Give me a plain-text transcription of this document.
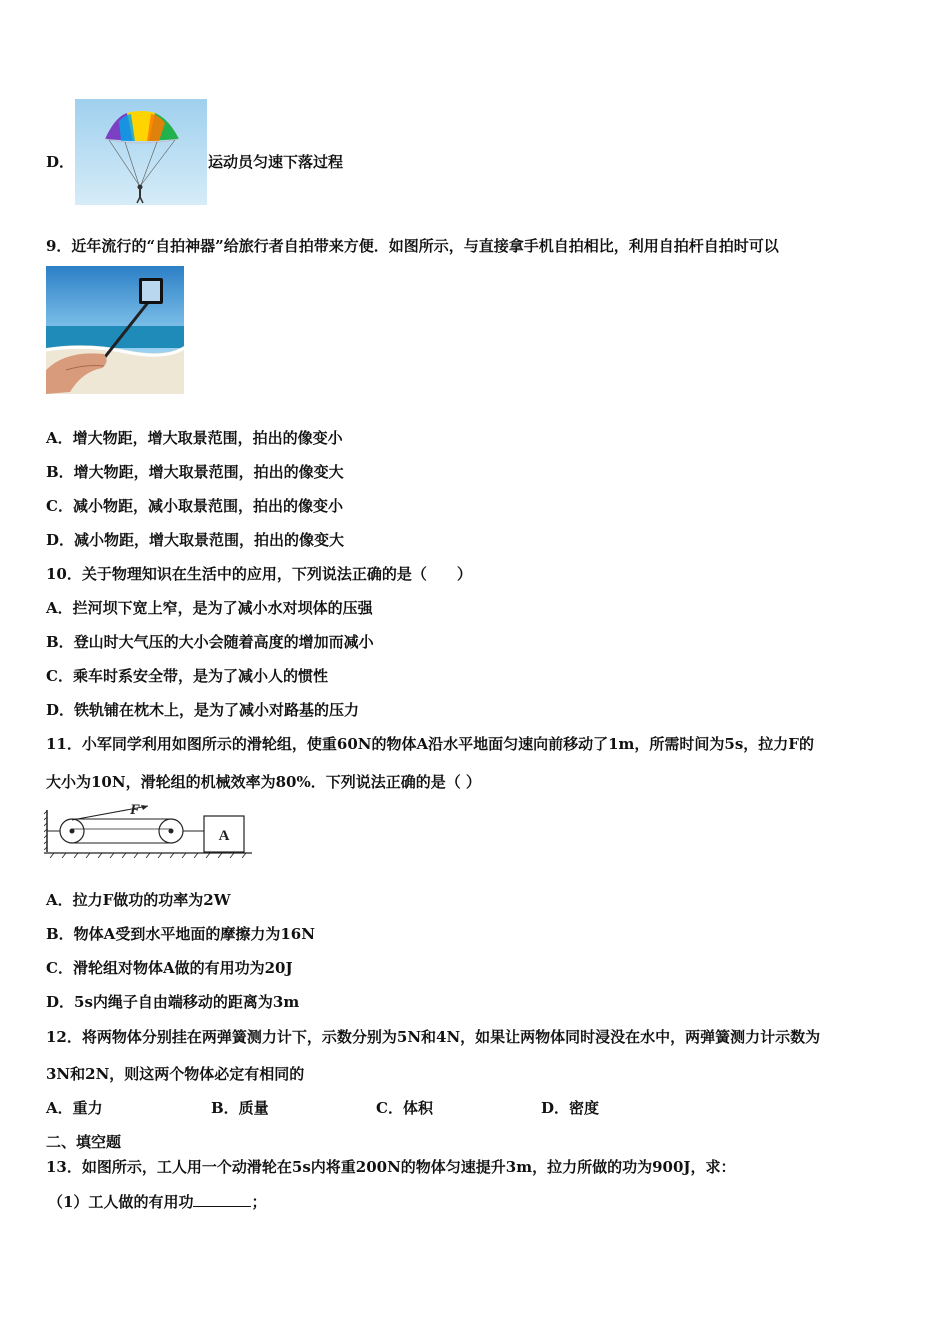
D．	运动员匀速下落过程
9．近年流行的“自拍神器”给旅行者自拍带来方便．如图所示，与直接拿手机自拍相比，利用自拍杆自拍时可以
A．增大物距，增大取景范围，拍出的像变小
B．增大物距，增大取景范围，拍出的像变大
C．减小物距，减小取景范围，拍出的像变小
D．减小物距，增大取景范围，拍出的像变大
10．关于物理知识在生活中的应用，下列说法正确的是（　　）
A．拦河坝下宽上窄，是为了减小水对坝体的压强
B．登山时大气压的大小会随着高度的增加而减小
C．乘车时系安全带，是为了减小人的惯性
D．铁轨铺在枕木上，是为了减小对路基的压力
11．小军同学利用如图所示的滑轮组，使重60N的物体A沿水平地面匀速向前移动了1m，所需时间为5s，拉力F的
大小为10N，滑轮组的机械效率为80%．下列说法正确的是（ ）
F
A
A．拉力F做功的功率为2W
B．物体A受到水平地面的摩擦力为16N
C．滑轮组对物体A做的有用功为20J
D．5s内绳子自由端移动的距离为3m
12．将两物体分别挂在两弹簧测力计下，示数分别为5N和4N，如果让两物体同时浸没在水中，两弹簧测力计示数为
3N和2N，则这两个物体必定有相同的
A．重力	B．质量	C．体积	D．密度
二、填空题
13．如图所示，工人用一个动滑轮在5s内将重200N的物体匀速提升3m，拉力所做的功为900J，求：
（1）工人做的有用功	；
